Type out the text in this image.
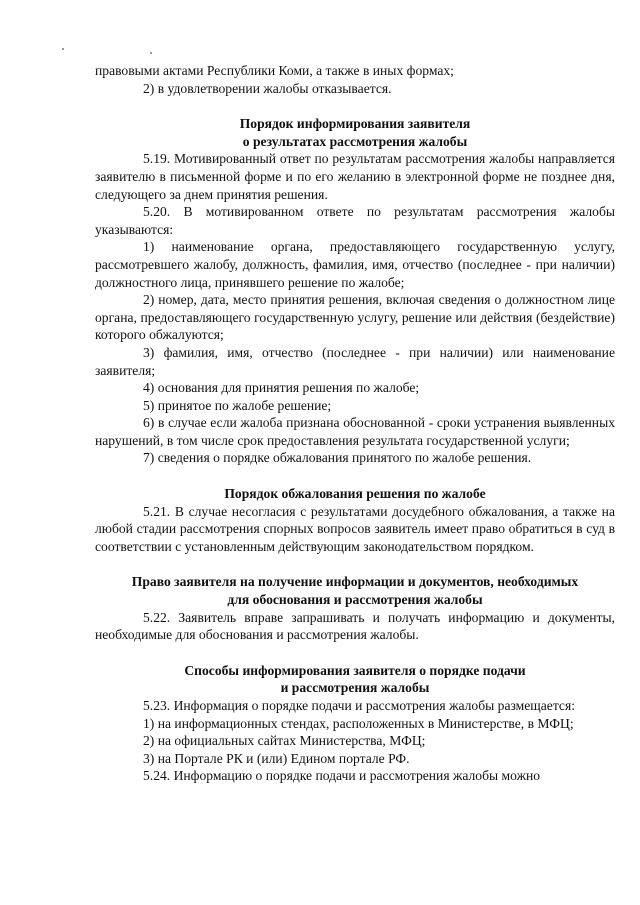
правовыми актами Республики Коми, а также в иных формах;

2) в удовлетворении жалобы отказывается.

Порядок информирования заявителя
о результатах рассмотрения жалобы

5.19. Мотивированный ответ по результатам рассмотрения жалобы направляется заявителю в письменной форме и по его желанию в электронной форме не позднее дня, следующего за днем принятия решения.

5.20. В мотивированном ответе по результатам рассмотрения жалобы указываются:

1) наименование органа, предоставляющего государственную услугу, рассмотревшего жалобу, должность, фамилия, имя, отчество (последнее - при наличии) должностного лица, принявшего решение по жалобе;

2) номер, дата, место принятия решения, включая сведения о должностном лице органа, предоставляющего государственную услугу, решение или действия (бездействие) которого обжалуются;

3) фамилия, имя, отчество (последнее - при наличии) или наименование заявителя;

4) основания для принятия решения по жалобе;

5) принятое по жалобе решение;

6) в случае если жалоба признана обоснованной - сроки устранения выявленных нарушений, в том числе срок предоставления результата государственной услуги;

7) сведения о порядке обжалования принятого по жалобе решения.

Порядок обжалования решения по жалобе

5.21. В случае несогласия с результатами досудебного обжалования, а также на любой стадии рассмотрения спорных вопросов заявитель имеет право обратиться в суд в соответствии с установленным действующим законодательством порядком.

Право заявителя на получение информации и документов, необходимых
для обоснования и рассмотрения жалобы

5.22. Заявитель вправе запрашивать и получать информацию и документы, необходимые для обоснования и рассмотрения жалобы.

Способы информирования заявителя о порядке подачи
и рассмотрения жалобы

5.23. Информация о порядке подачи и рассмотрения жалобы размещается:

1) на информационных стендах, расположенных в Министерстве, в МФЦ;

2) на официальных сайтах Министерства, МФЦ;

3) на Портале РК и (или) Едином портале РФ.

5.24. Информацию о порядке подачи и рассмотрения жалобы можно
